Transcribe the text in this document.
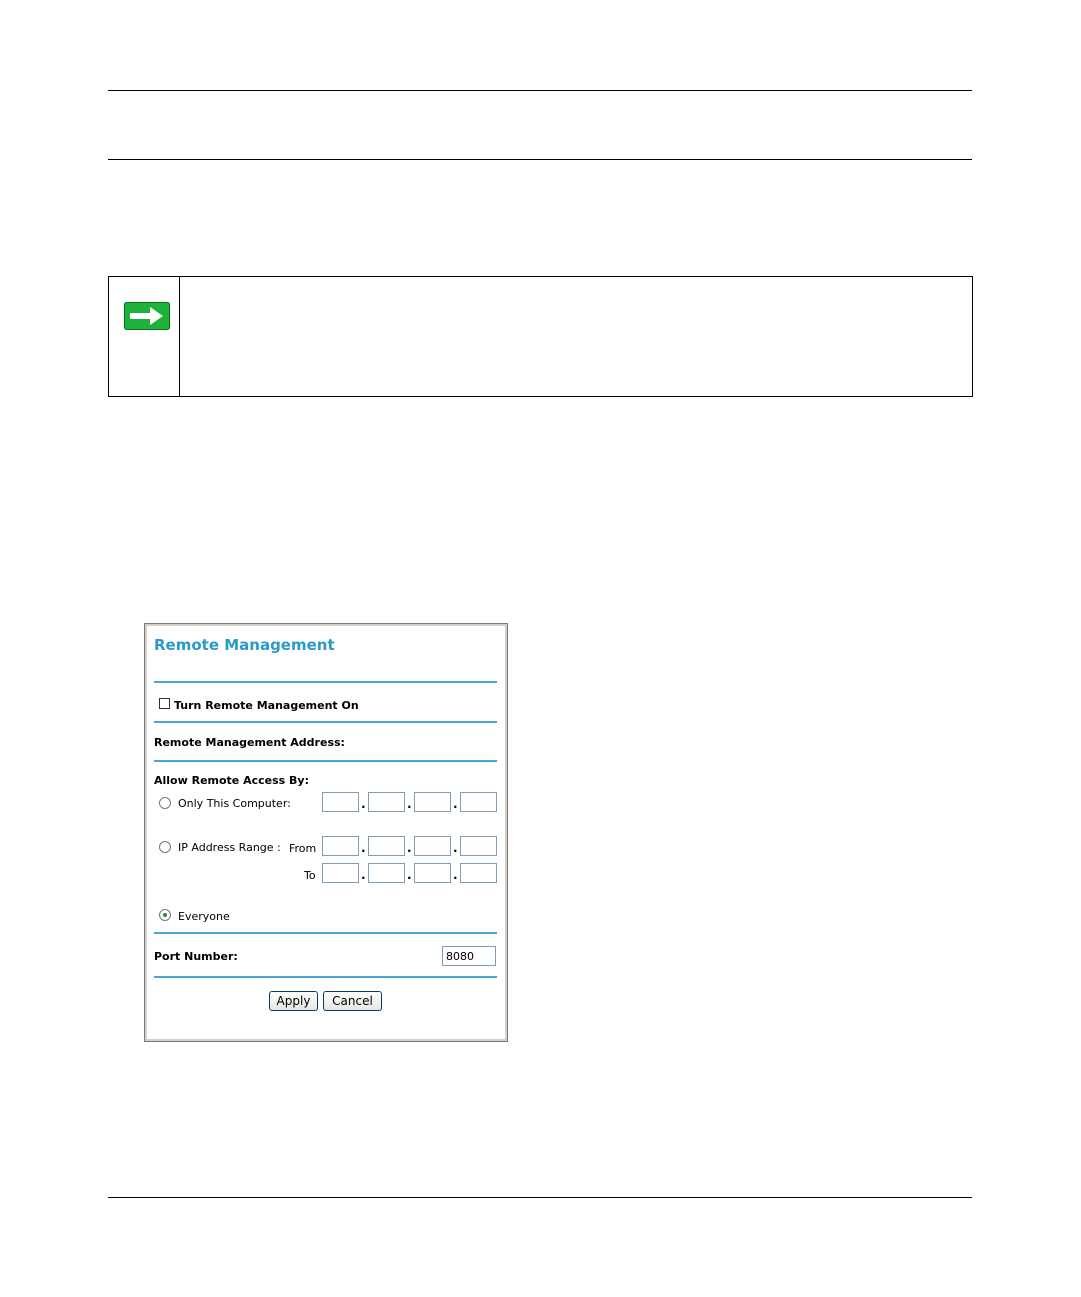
Remote Management
Turn Remote Management On
Remote Management Address:
Allow Remote Access By:
Only This Computer:	.	.	.
IP Address Range : From	.	.	.
To	.	.	.
Everyone
Port Number:
8080
Apply	Cancel
